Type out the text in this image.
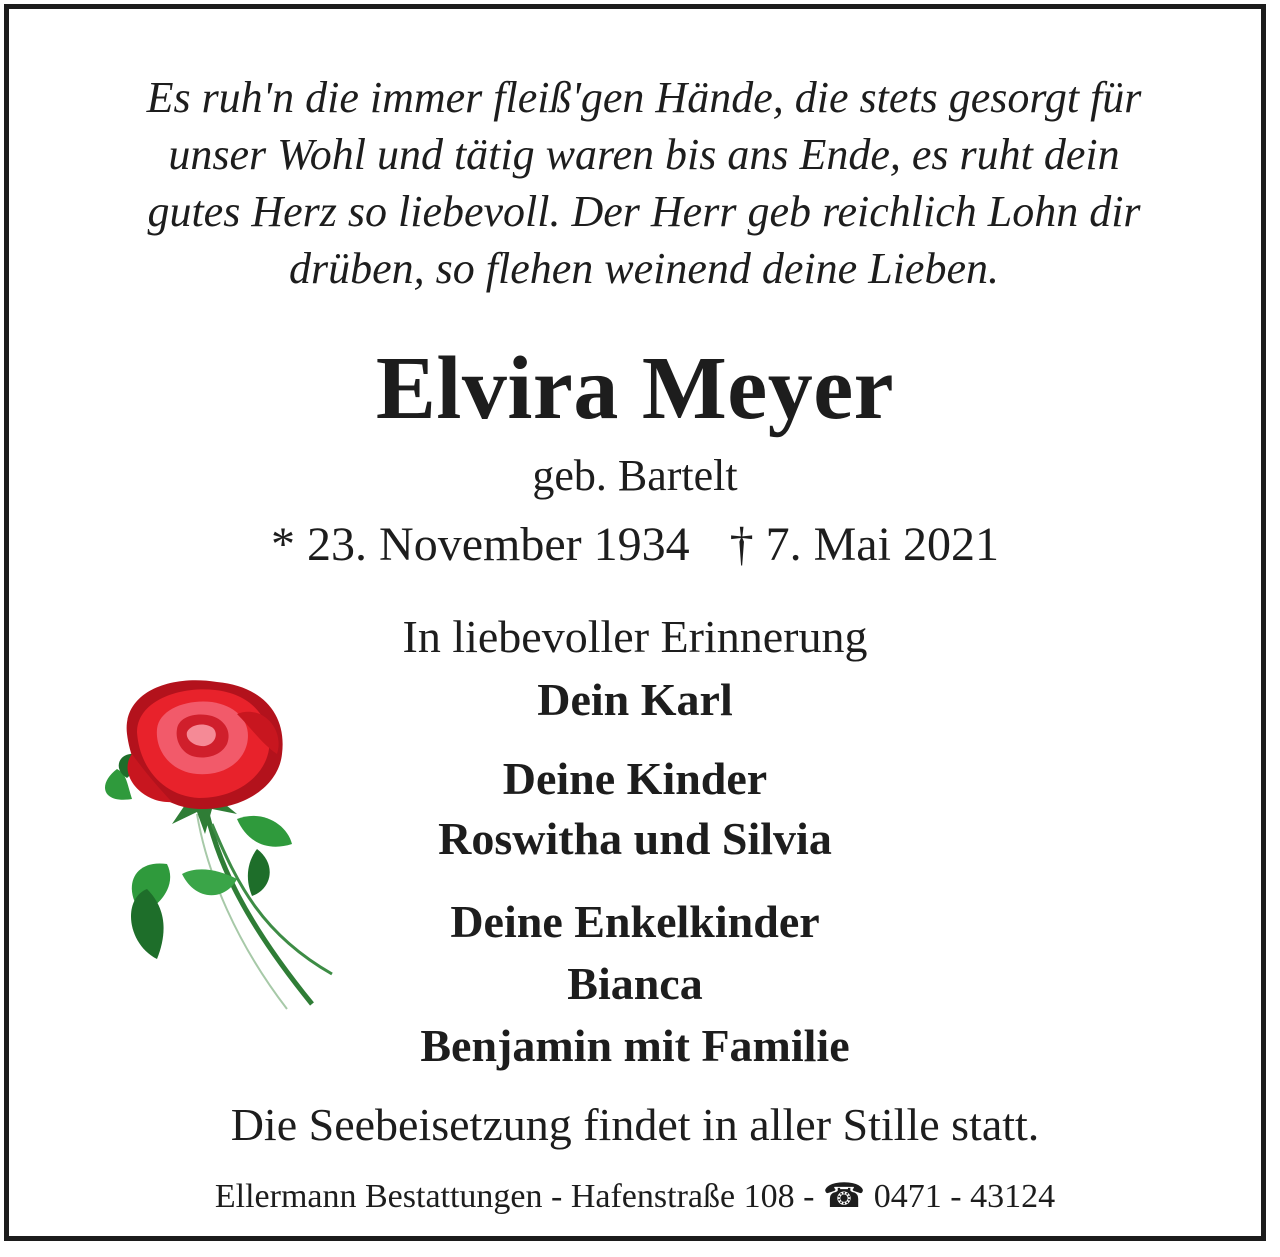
Es ruh'n die immer fleiß'gen Hände, die stets gesorgt für
unser Wohl und tätig waren bis ans Ende, es ruht dein
gutes Herz so liebevoll. Der Herr geb reichlich Lohn dir
drüben, so flehen weinend deine Lieben.
Elvira Meyer
geb. Bartelt
* 23. November 1934 † 7. Mai 2021
In liebevoller Erinnerung
Dein Karl
Deine Kinder
Roswitha und Silvia
Deine Enkelkinder
Bianca
Benjamin mit Familie
Die Seebeisetzung findet in aller Stille statt.
Ellermann Bestattungen - Hafenstraße 108 - ☎ 0471 - 43124
